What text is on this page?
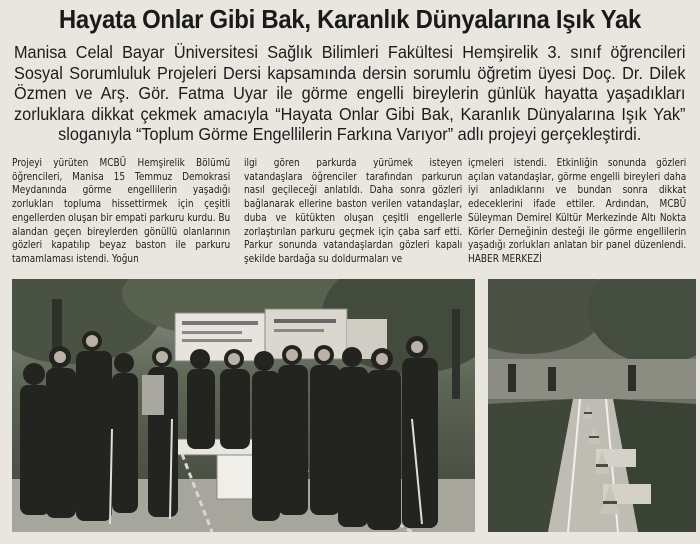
Hayata Onlar Gibi Bak, Karanlık Dünyalarına Işık Yak
Manisa Celal Bayar Üniversitesi Sağlık Bilimleri Fakültesi Hemşirelik 3. sınıf öğrencileri Sosyal Sorumluluk Projeleri Dersi kapsamında dersin sorumlu öğretim üyesi Doç. Dr. Dilek Özmen ve Arş. Gör. Fatma Uyar ile görme engelli bireylerin günlük hayatta yaşadıkları zorluklara dikkat çekmek amacıyla “Hayata Onlar Gibi Bak, Karanlık Dünyalarına Işık Yak” sloganıyla “Toplum Görme Engellilerin Farkına Varıyor” adlı projeyi gerçekleştirdi.
Projeyi yürüten MCBÜ Hemşirelik Bölümü öğrencileri, Manisa 15 Temmuz Demokrasi Meydanında görme engellilerin yaşadığı zorlukları topluma hissettirmek için çeşitli engellerden oluşan bir empati parkuru kurdu. Bu alandan geçen bireylerden gönüllü olanlarının gözleri kapatılıp beyaz baston ile parkuru tamamlaması istendi. Yoğun
ilgi gören parkurda yürümek isteyen vatandaşlara öğrenciler tarafından parkurun nasıl geçileceği anlatıldı. Daha sonra gözleri bağlanarak ellerine baston verilen vatandaşlar, duba ve kütükten oluşan çeşitli engellerle zorlaştırılan parkuru geçmek için çaba sarf etti. Parkur sonunda vatandaşlardan gözleri kapalı şekilde bardağa su doldurmaları ve
içmeleri istendi. Etkinliğin sonunda gözleri açılan vatandaşlar, görme engelli bireyleri daha iyi anladıklarını ve bundan sonra dikkat edeceklerini ifade ettiler. Ardından, MCBÜ Süleyman Demirel Kültür Merkezinde Altı Nokta Körler Derneğinin desteği ile görme engellilerin yaşadığı zorlukları anlatan bir panel düzenlendi. HABER MERKEZİ
